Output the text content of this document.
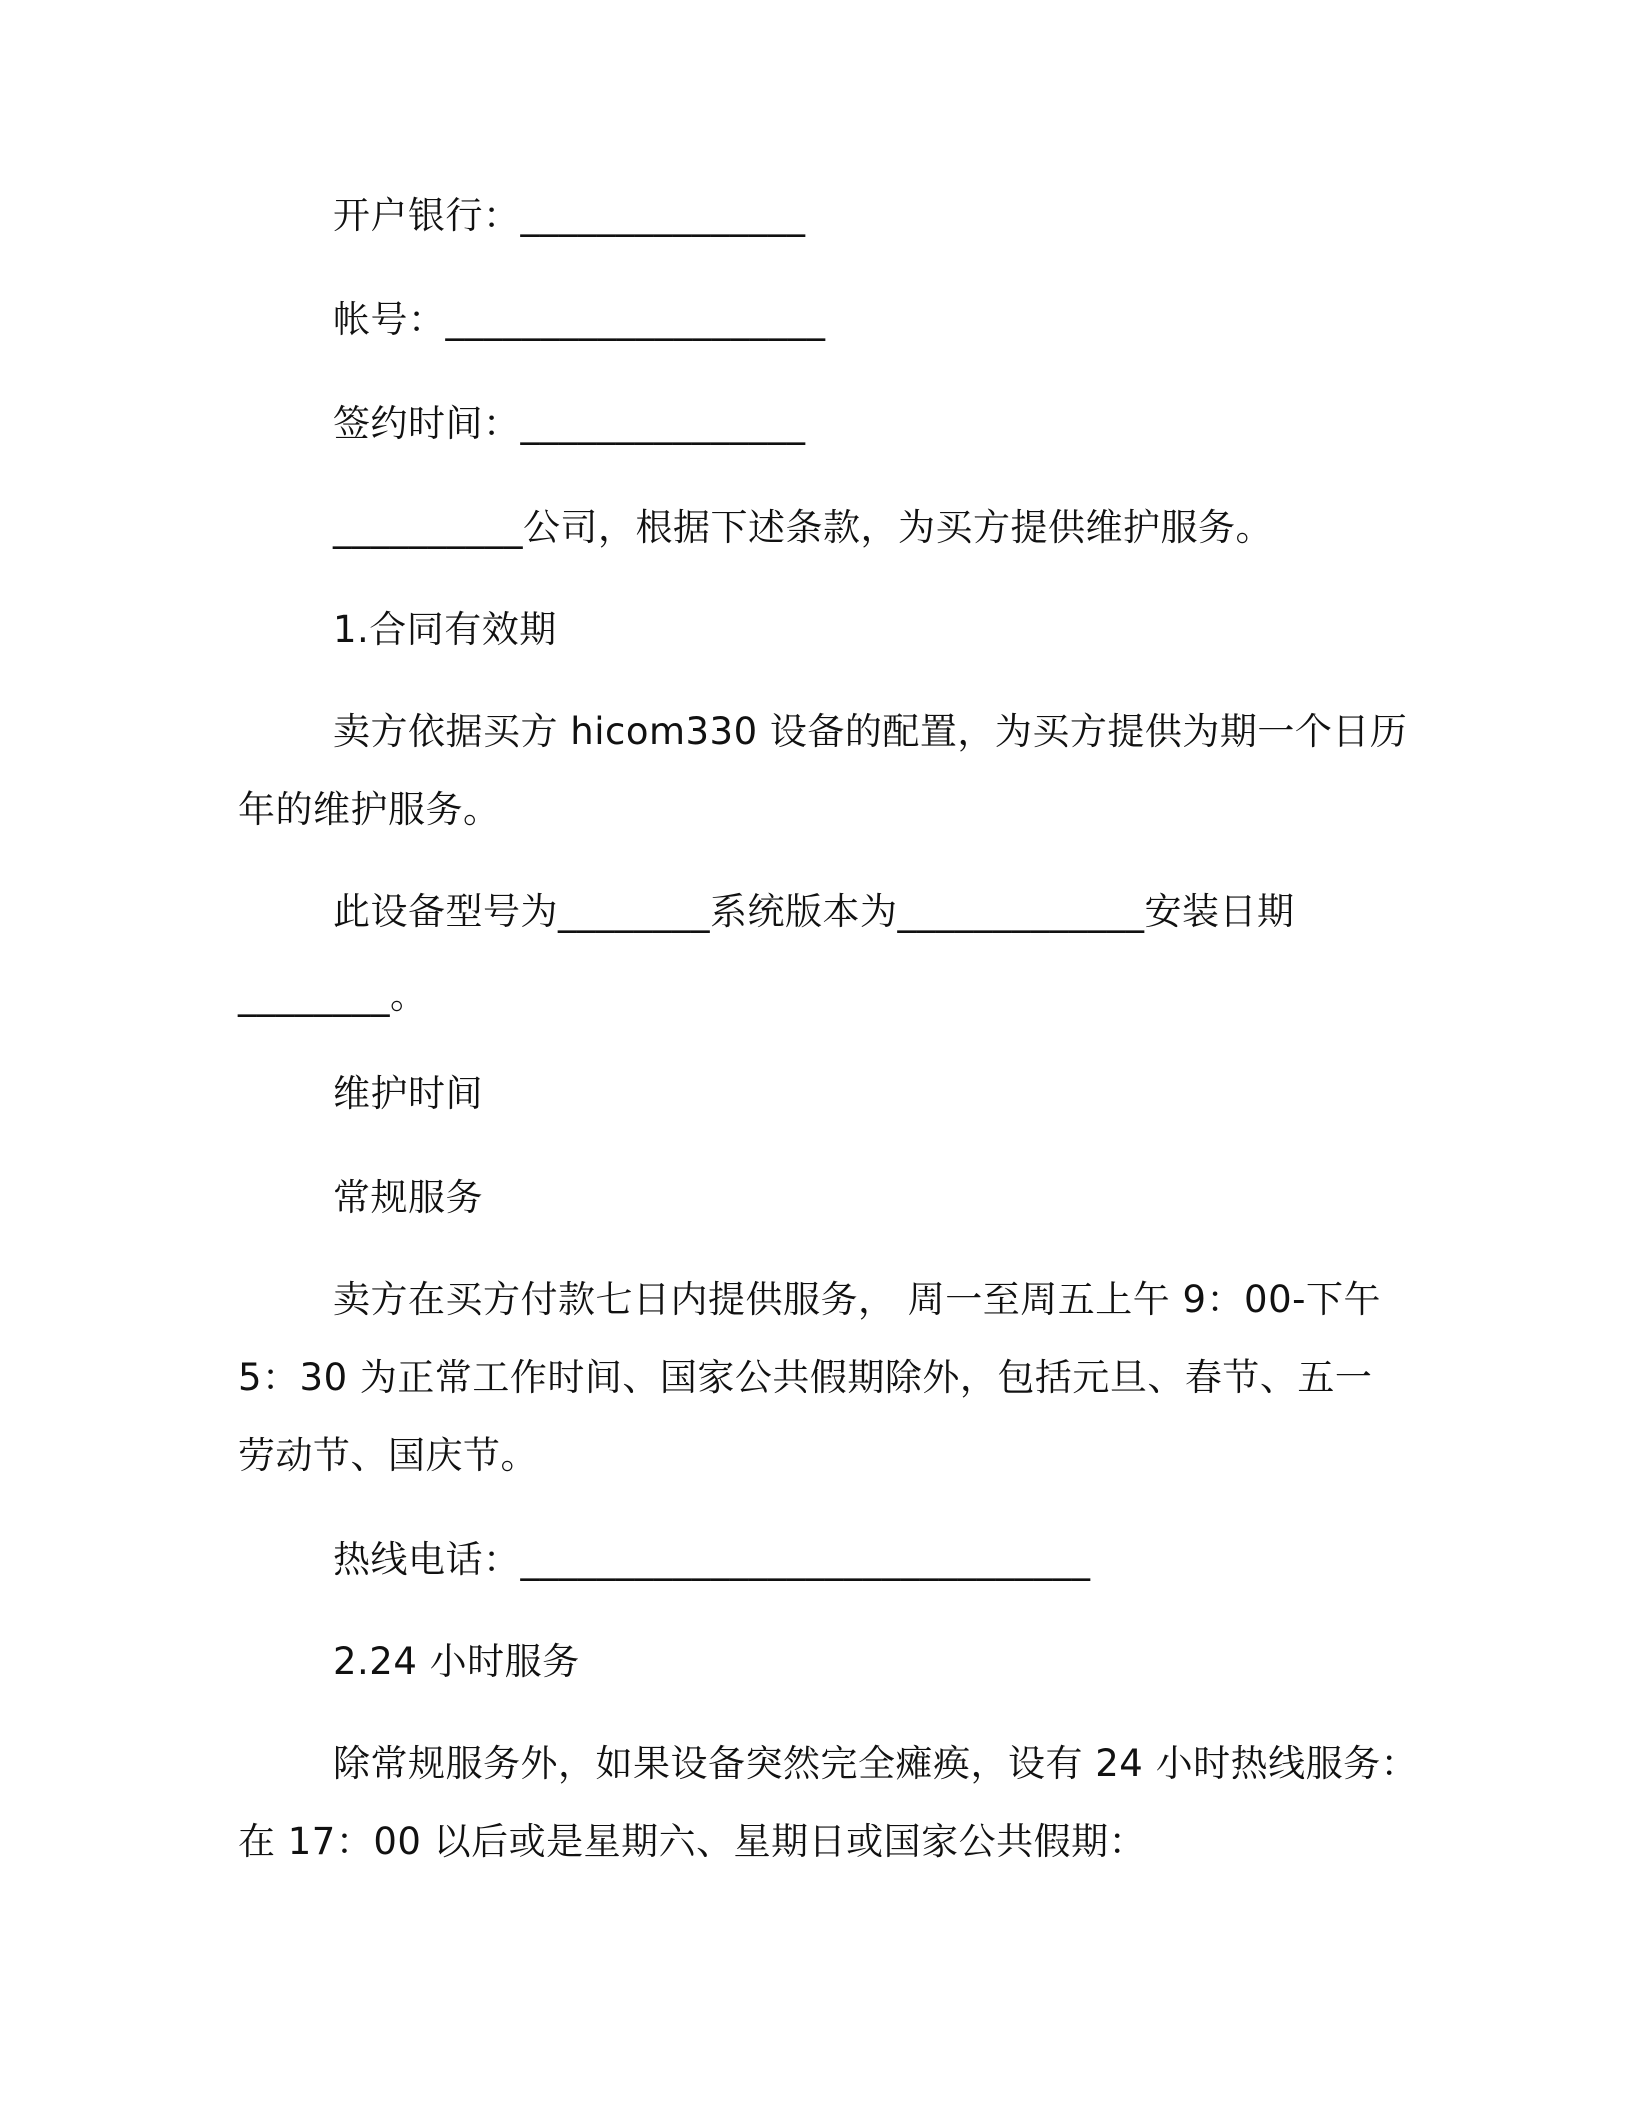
开户银行：_______________
帐号：____________________
签约时间：_______________
__________公司，根据下述条款，为买方提供维护服务。
1.合同有效期
卖方依据买方 hicom330 设备的配置，为买方提供为期一个日历
年的维护服务。
此设备型号为________系统版本为_____________安装日期
________。
维护时间
常规服务
卖方在买方付款七日内提供服务， 周一至周五上午 9：00-下午
5：30 为正常工作时间、国家公共假期除外，包括元旦、春节、五一
劳动节、国庆节。
热线电话：______________________________
2.24 小时服务
除常规服务外，如果设备突然完全瘫痪，设有 24 小时热线服务：
在 17：00 以后或是星期六、星期日或国家公共假期：
